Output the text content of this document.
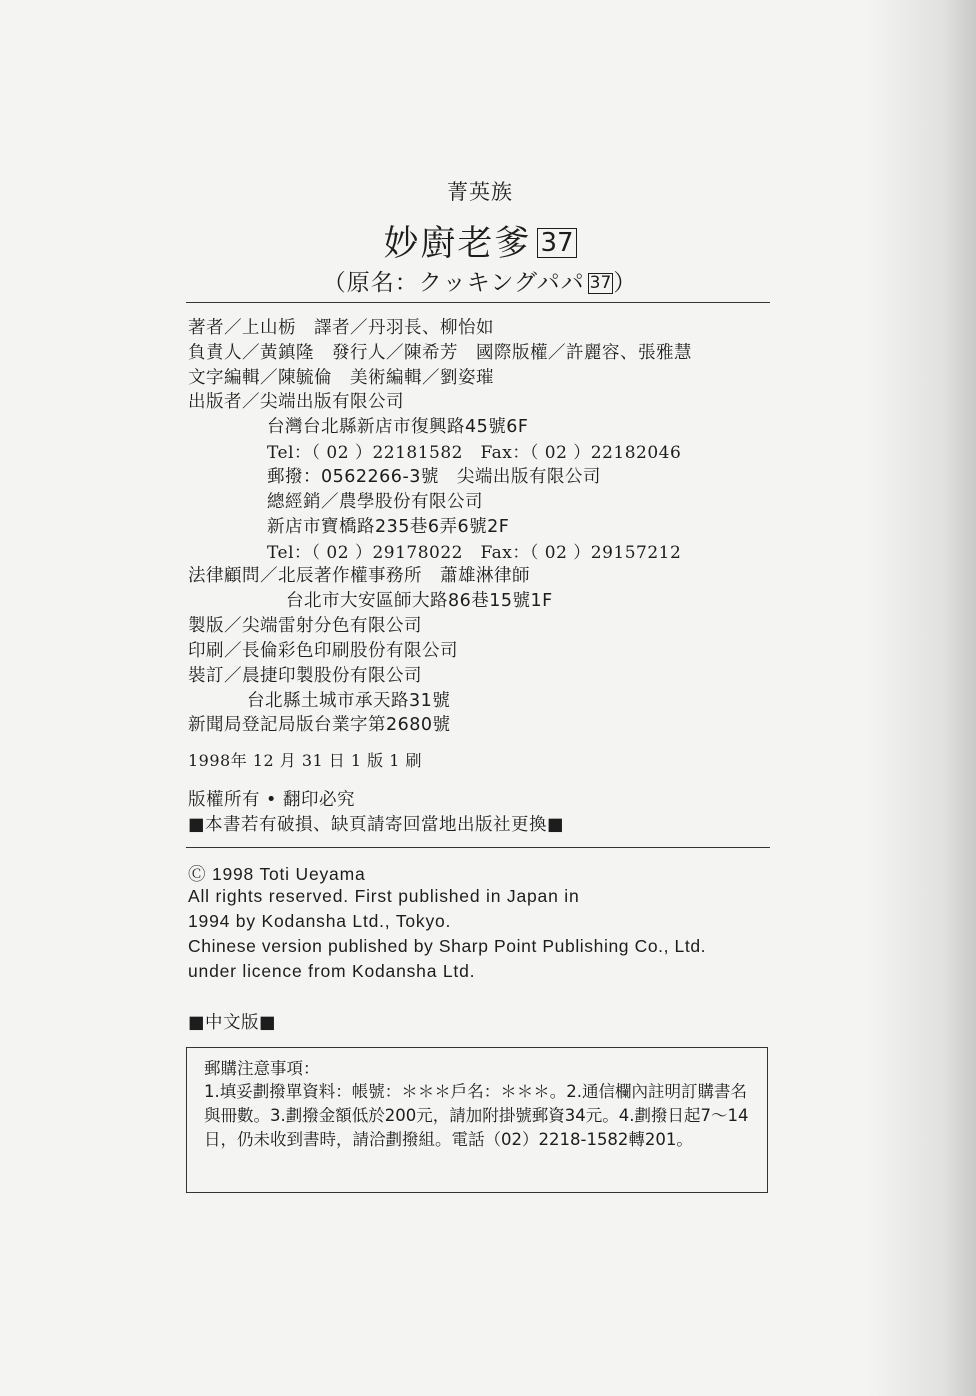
菁英族
妙廚老爹 37
（原名：クッキングパパ 37）
著者／上山栃 譯者／丹羽長、柳怡如
負責人／黃鎮隆 發行人／陳希芳 國際版權／許麗容、張雅慧
文字編輯／陳毓倫 美術編輯／劉姿璀
出版者／尖端出版有限公司
台灣台北縣新店市復興路45號6F
Tel：（ 02 ）22181582　Fax：（ 02 ）22182046
郵撥：0562266-3號　尖端出版有限公司
總經銷／農學股份有限公司
新店市寶橋路235巷6弄6號2F
Tel：（ 02 ）29178022　Fax：（ 02 ）29157212
法律顧問／北辰著作權事務所　蕭雄淋律師
台北市大安區師大路86巷15號1F
製版／尖端雷射分色有限公司
印刷／長倫彩色印刷股份有限公司
裝訂／晨捷印製股份有限公司
台北縣土城市承天路31號
新聞局登記局版台業字第2680號
1998年 12 月 31 日 1 版 1 刷
版權所有 • 翻印必究
■本書若有破損、缺頁請寄回當地出版社更換■
Ⓒ 1998 Toti Ueyama
All rights reserved. First published in Japan in
1994 by Kodansha Ltd., Tokyo.
Chinese version published by Sharp Point Publishing Co., Ltd.
under licence from Kodansha Ltd.
■中文版■
郵購注意事項：
1.填妥劃撥單資料：帳號：＊＊＊戶名：＊＊＊。2.通信欄內註明訂購書名與冊數。3.劃撥金額低於200元，請加附掛號郵資34元。4.劃撥日起7～14日，仍未收到書時，請洽劃撥組。電話（02）2218-1582轉201。
